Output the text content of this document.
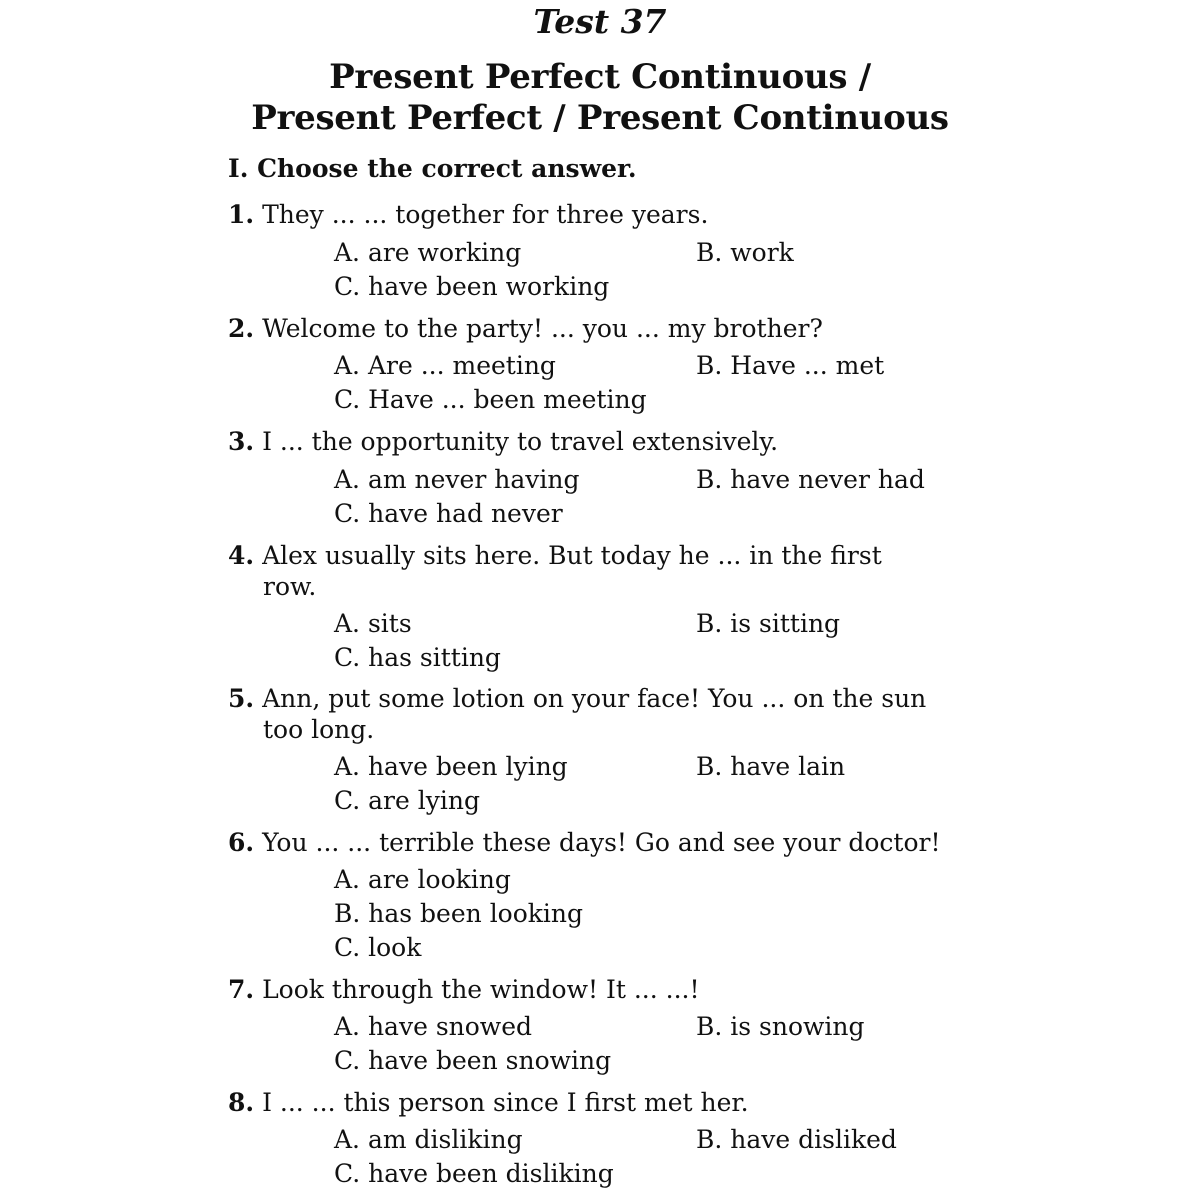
Test 37
Present Perfect Continuous /
Present Perfect / Present Continuous
I. Choose the correct answer.
1. They ... ... together for three years.
A. are working	B. work
C. have been working
2. Welcome to the party! ... you ... my brother?
A. Are ... meeting	B. Have ... met
C. Have ... been meeting
3. I ... the opportunity to travel extensively.
A. am never having	B. have never had
C. have had never
4. Alex usually sits here. But today he ... in the first
row.
A. sits	B. is sitting
C. has sitting
5. Ann, put some lotion on your face! You ... on the sun
too long.
A. have been lying	B. have lain
C. are lying
6. You ... ... terrible these days! Go and see your doctor!
A. are looking
B. has been looking
C. look
7. Look through the window! It ... ...!
A. have snowed	B. is snowing
C. have been snowing
8. I ... ... this person since I first met her.
A. am disliking	B. have disliked
C. have been disliking
